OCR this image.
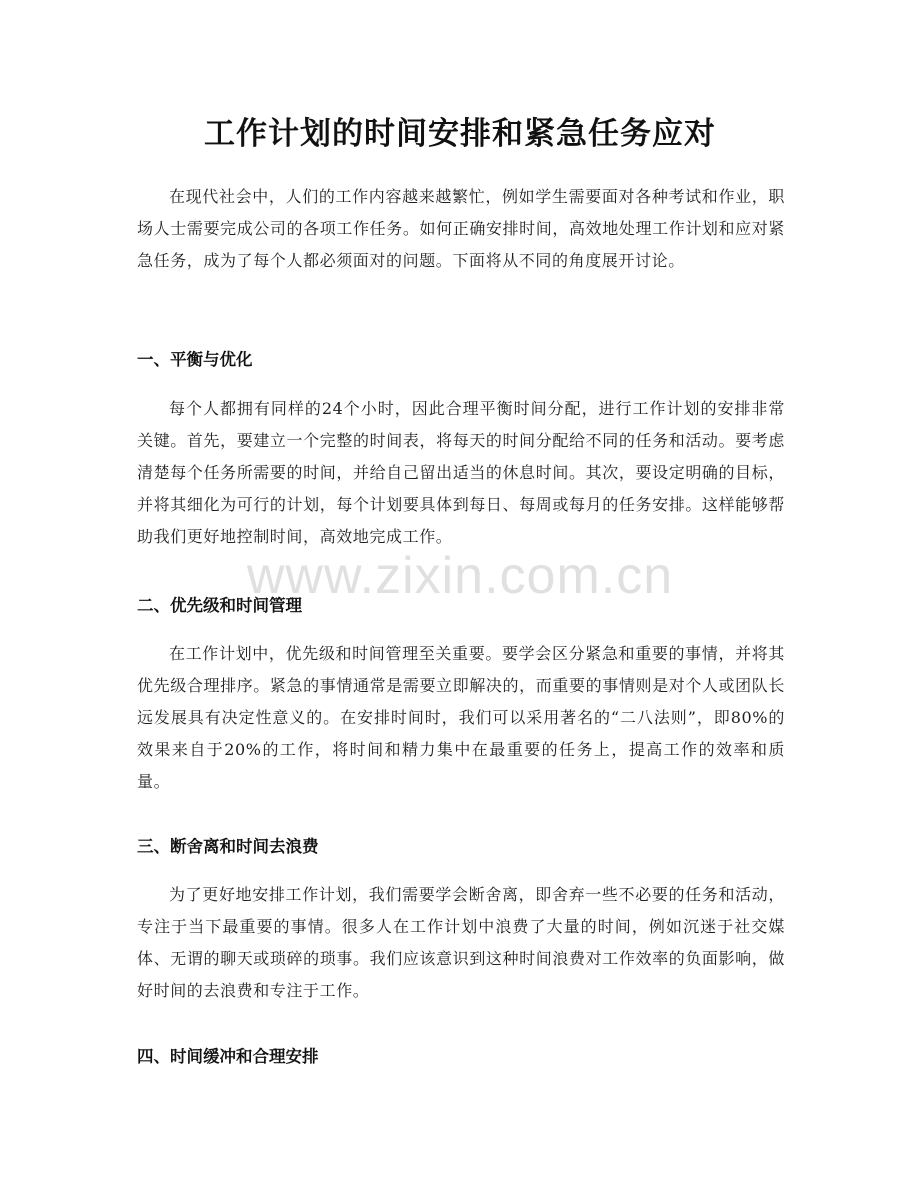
工作计划的时间安排和紧急任务应对

在现代社会中，人们的工作内容越来越繁忙，例如学生需要面对各种考试和作业，职场人士需要完成公司的各项工作任务。如何正确安排时间，高效地处理工作计划和应对紧急任务，成为了每个人都必须面对的问题。下面将从不同的角度展开讨论。

一、平衡与优化

每个人都拥有同样的24个小时，因此合理平衡时间分配，进行工作计划的安排非常关键。首先，要建立一个完整的时间表，将每天的时间分配给不同的任务和活动。要考虑清楚每个任务所需要的时间，并给自己留出适当的休息时间。其次，要设定明确的目标，并将其细化为可行的计划，每个计划要具体到每日、每周或每月的任务安排。这样能够帮助我们更好地控制时间，高效地完成工作。

二、优先级和时间管理

在工作计划中，优先级和时间管理至关重要。要学会区分紧急和重要的事情，并将其优先级合理排序。紧急的事情通常是需要立即解决的，而重要的事情则是对个人或团队长远发展具有决定性意义的。在安排时间时，我们可以采用著名的“二八法则”，即80%的效果来自于20%的工作，将时间和精力集中在最重要的任务上，提高工作的效率和质量。

三、断舍离和时间去浪费

为了更好地安排工作计划，我们需要学会断舍离，即舍弃一些不必要的任务和活动，专注于当下最重要的事情。很多人在工作计划中浪费了大量的时间，例如沉迷于社交媒体、无谓的聊天或琐碎的琐事。我们应该意识到这种时间浪费对工作效率的负面影响，做好时间的去浪费和专注于工作。

四、时间缓冲和合理安排
www.zixin.com.cn
